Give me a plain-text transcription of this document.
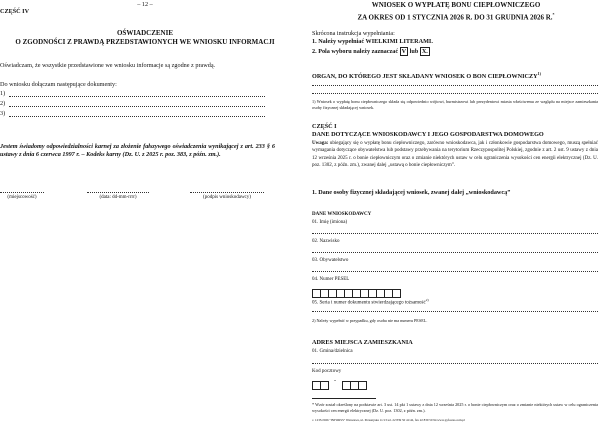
– 12 –
CZĘŚĆ IV
OŚWIADCZENIE
O ZGODNOŚCI Z PRAWDĄ PRZEDSTAWIONYCH WE WNIOSKU INFORMACJI
Oświadczam, że wszystkie przedstawione we wniosku informacje są zgodne z prawdą.
Do wniosku dołączam następujące dokumenty:
1)
2)
3)
Jestem świadomy odpowiedzialności karnej za złożenie fałszywego oświadczenia wynikającej z art. 233 § 6 ustawy z dnia 6 czerwca 1997 r. – Kodeks karny (Dz. U. z 2025 r. poz. 383, z późn. zm.).
(miejscowość)	(data: dd-mm-rrrr)	(podpis wnioskodawcy)
WNIOSEK O WYPŁATĘ BONU CIEPŁOWNICZEGO
ZA OKRES OD 1 STYCZNIA 2026 R. DO 31 GRUDNIA 2026 R.*
Skrócona instrukcja wypełniania:
1. Należy wypełniać WIELKIMI LITERAMI.
2. Pola wyboru należy zaznaczać V lub X.
ORGAN, DO KTÓREGO JEST SKŁADANY WNIOSEK O BON CIEPŁOWNICZY$^{1)}$
1) Wniosek o wypłatę bonu ciepłowniczego składa się odpowiednio wójtowi, burmistrzowi lub prezydentowi miasta właściwemu ze względu na miejsce zamieszkania osoby fizycznej składającej wniosek.
CZĘŚĆ I
DANE DOTYCZĄCE WNIOSKODAWCY I JEGO GOSPODARSTWA DOMOWEGO
Uwaga: ubiegający się o wypłatę bonu ciepłowniczego, zarówno wnioskodawca, jak i członkowie gospodarstwa domowego, muszą spełniać wymagania dotyczące obywatelstwa lub podstawy przebywania na terytorium Rzeczypospolitej Polskiej, zgodnie z art. 2 ust. 9 ustawy z dnia 12 września 2025 r. o bonie ciepłowniczym oraz o zmianie niektórych ustaw w celu ograniczenia wysokości cen energii elektrycznej (Dz. U. poz. 1302, z późn. zm.), zwanej dalej „ustawą o bonie ciepłowniczym”.
1. Dane osoby fizycznej składającej wniosek, zwanej dalej „wnioskodawcą”
DANE WNIOSKODAWCY
01. Imię (imiona)
02. Nazwisko
03. Obywatelstwo
04. Numer PESEL
05. Seria i numer dokumentu stwierdzającego tożsamość$^{2)}$
2) Należy wypełnić w przypadku, gdy osoba nie ma numeru PESEL.
ADRES MIEJSCA ZAMIESZKANIA
01. Gmina/dzielnica
Kod pocztowy
-
* Wzór został określony na podstawie art. 3 ust. 14 pkt 1 ustawy z dnia 12 września 2025 r. o bonie ciepłowniczym oraz o zmianie niektórych ustaw w celu ograniczenia wysokości cen energii elektrycznej (Dz. U. poz. 1302, z późn. zm.).
c. 1235/2026 "INFORSS" Warszawa, ul. Przasnyska 11/13 tel. 22 839 50 41/42, fax 22 839 50 94 www.pyfosrss.com.pl
